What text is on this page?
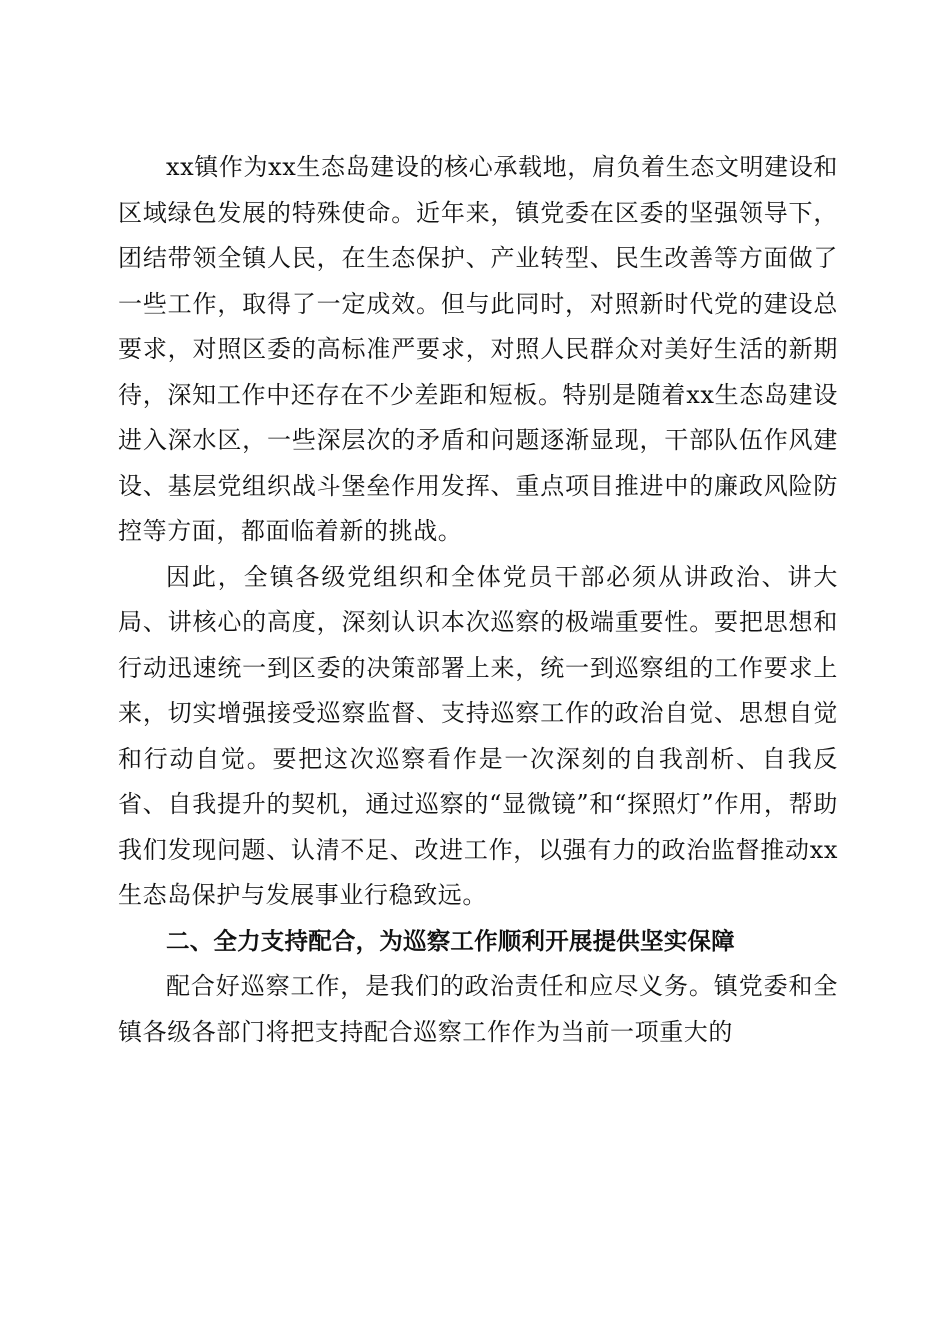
xx镇作为xx生态岛建设的核心承载地，肩负着生态文明建设和区域绿色发展的特殊使命。近年来，镇党委在区委的坚强领导下，团结带领全镇人民，在生态保护、产业转型、民生改善等方面做了一些工作，取得了一定成效。但与此同时，对照新时代党的建设总要求，对照区委的高标准严要求，对照人民群众对美好生活的新期待，深知工作中还存在不少差距和短板。特别是随着xx生态岛建设进入深水区，一些深层次的矛盾和问题逐渐显现，干部队伍作风建设、基层党组织战斗堡垒作用发挥、重点项目推进中的廉政风险防控等方面，都面临着新的挑战。

因此，全镇各级党组织和全体党员干部必须从讲政治、讲大局、讲核心的高度，深刻认识本次巡察的极端重要性。要把思想和行动迅速统一到区委的决策部署上来，统一到巡察组的工作要求上来，切实增强接受巡察监督、支持巡察工作的政治自觉、思想自觉和行动自觉。要把这次巡察看作是一次深刻的自我剖析、自我反省、自我提升的契机，通过巡察的“显微镜”和“探照灯”作用，帮助我们发现问题、认清不足、改进工作，以强有力的政治监督推动xx生态岛保护与发展事业行稳致远。

二、全力支持配合，为巡察工作顺利开展提供坚实保障

配合好巡察工作，是我们的政治责任和应尽义务。镇党委和全镇各级各部门将把支持配合巡察工作作为当前一项重大的
